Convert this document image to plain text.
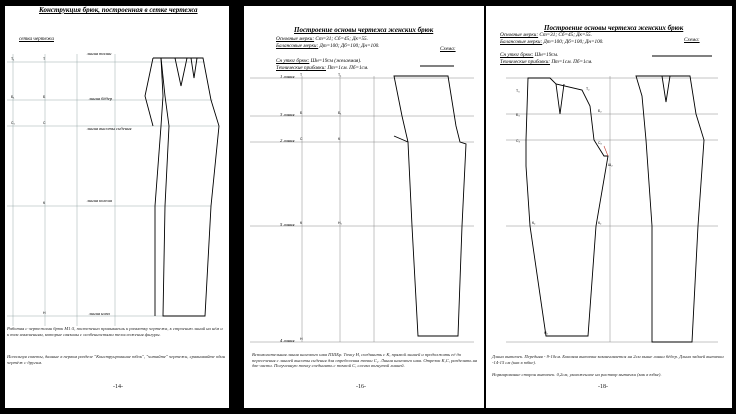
T₁	T
Б₁	Б
С₁	С
К
Н
Конструкция брюк, построенная в сетке чертежа
сетка чертежа
линия талии
линия бёдер
линия высоты сидения
линия колена
линия низа
Работая с чертежами брюк М1:5, постепенно привыкаешь к разметку чертежа, к строению линий на нём и к тем изменениям, которые связаны с особенностями телосложения фигуры.
Используя советы, данные в первом разделе "Конструирование юбок", "читайте" чертежи, сравнивайте один чертёж с другим.
-14-
T	T₁
Б	Б₁
С	К
К	Н₁
Н
Построение основы чертежа женских брюк
Основные мерки: Ст=31; Сб=45; Дк=55.
Балансовые мерки: Дт=100; Дб=100; Дн=100.	Схема:
Сн утюг брюк: Шн=19см (желаемая).
Технические прибавки: Пт=1см. Пб=1см.
1 линия
3 линия
2 линия
5 линия
4 линия
Вспомогательная линия шагового шва ПШБр. Точку Н, соединить с К, прямой линией и продолжить её до пересечения с линией высоты сидения для определения точки С₁. Линия шагового шва. Отрезок К,С, разделить на две части. Полученную точку соединить с точкой С, слегка вогнутой линией.
-16-
T₃	T₂
Б₃
Б₂
С₃	С₂
Ш₂
К₂	К₂
Н₂
Построение основы чертежа женских брюк
Основные мерки: Ст=31; Сб=45; Дк=55.
Балансовые мерки: Дт=100; Дб=100; Дн=100.	Схема:
Сн утюг брюк: Шн=19см.
Технические прибавки: Пт=1см. Пб=1см.
Длина вытачек. Передняя - 9-10см. Боковая вытачка заканчивается на 2см выше линии бёдер. Длина задней вытачки -14-15 см (как в юбке).
Нормирование сторон вытачек. 0,2см, умноженное на раствор вытачки (как в юбке).
-18-
